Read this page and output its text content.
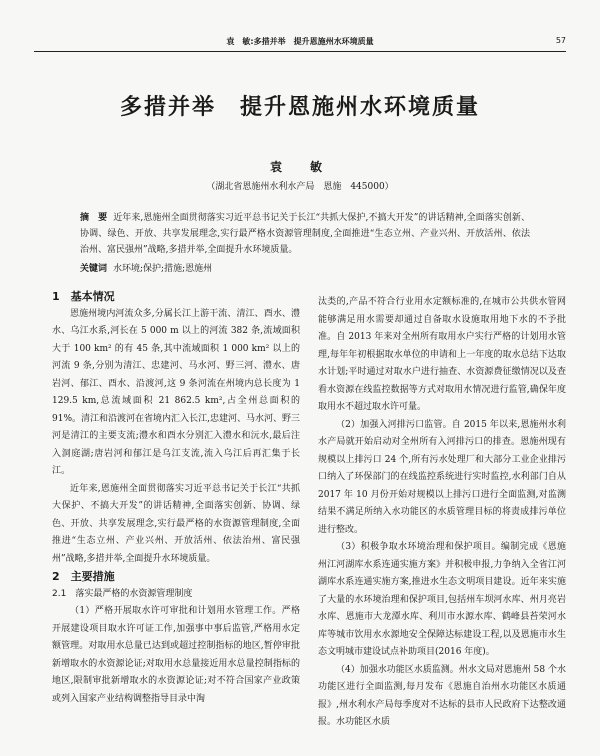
袁　敏:多措并举　提升恩施州水环境质量	57
多措并举　提升恩施州水环境质量
袁　敏
（湖北省恩施州水利水产局　恩施　445000）
摘　要 近年来,恩施州全面贯彻落实习近平总书记关于长江“共抓大保护,不搞大开发”的讲话精神,全面落实创新、协调、绿色、开放、共享发展理念,实行最严格水资源管理制度,全面推进“生态立州、产业兴州、开放活州、依法治州、富民强州”战略,多措并举,全面提升水环境质量。
关键词 水环境;保护;措施;恩施州

1　基本情况

恩施州境内河流众多,分属长江上游干流、清江、酉水、澧水、乌江水系,河长在 5 000 m 以上的河流 382 条,流域面积大于 100 km² 的有 45 条,其中流域面积 1 000 km² 以上的河流 9 条,分别为清江、忠建河、马水河、野三河、澧水、唐岩河、郁江、酉水、沿渡河,这 9 条河流在州境内总长度为 1 129.5 km,总流域面积 21 862.5 km²,占全州总面积的 91%。清江和沿渡河在省境内汇入长江,忠建河、马水河、野三河是清江的主要支流;澧水和酉水分别汇入澧水和沅水,最后注入洞庭湖;唐岩河和郁江是乌江支流,流入乌江后再汇集于长江。

近年来,恩施州全面贯彻落实习近平总书记关于长江“共抓大保护、不搞大开发”的讲话精神,全面落实创新、协调、绿色、开放、共享发展理念,实行最严格的水资源管理制度,全面推进“生态立州、产业兴州、开放活州、依法治州、富民强州”战略,多措并举,全面提升水环境质量。

2　主要措施

2.1　落实最严格的水资源管理制度

（1）严格开展取水许可审批和计划用水管理工作。严格开展建设项目取水许可证工作,加强事中事后监管,严格用水定额管理。对取用水总量已达到或超过控制指标的地区,暂停审批新增取水的水资源论证;对取用水总量接近用水总量控制指标的地区,限制审批新增取水的水资源论证;对不符合国家产业政策或列入国家产业结构调整指导目录中淘

汰类的,产品不符合行业用水定额标准的,在城市公共供水管网能够满足用水需要却通过自备取水设施取用地下水的不予批准。自 2013 年来对全州所有取用水户实行严格的计划用水管理,每年年初根据取水单位的申请和上一年度的取水总结下达取水计划;平时通过对取水户进行抽查、水资源费征缴情况以及查看水资源在线监控数据等方式对取用水情况进行监管,确保年度取用水不超过取水许可量。

（2）加强入河排污口监管。自 2015 年以来,恩施州水利水产局就开始启动对全州所有入河排污口的排查。恩施州现有规模以上排污口 24 个,所有污水处理厂和大部分工业企业排污口纳入了环保部门的在线监控系统进行实时监控,水利部门自从 2017 年 10 月份开始对规模以上排污口进行全面监测,对监测结果不满足所纳入水功能区的水质管理目标的将责成排污单位进行整改。

（3）积极争取水环境治理和保护项目。编制完成《恩施州江河湖库水系连通实施方案》并积极申报,力争纳入全省江河湖库水系连通实施方案,推进水生态文明项目建设。近年来实施了大量的水环境治理和保护项目,包括州车坝河水库、州月亮岩水库、恩施市大龙潭水库、利川市水源水库、鹤峰县苔荣河水库等城市饮用水水源地安全保障达标建设工程,以及恩施市水生态文明城市建设试点补助项目(2016 年度)。

（4）加强水功能区水质监测。州水文局对恩施州 58 个水功能区进行全面监测,每月发布《恩施自治州水功能区水质通报》,州水利水产局每季度对不达标的县市人民政府下达整改通报。水功能区水质
